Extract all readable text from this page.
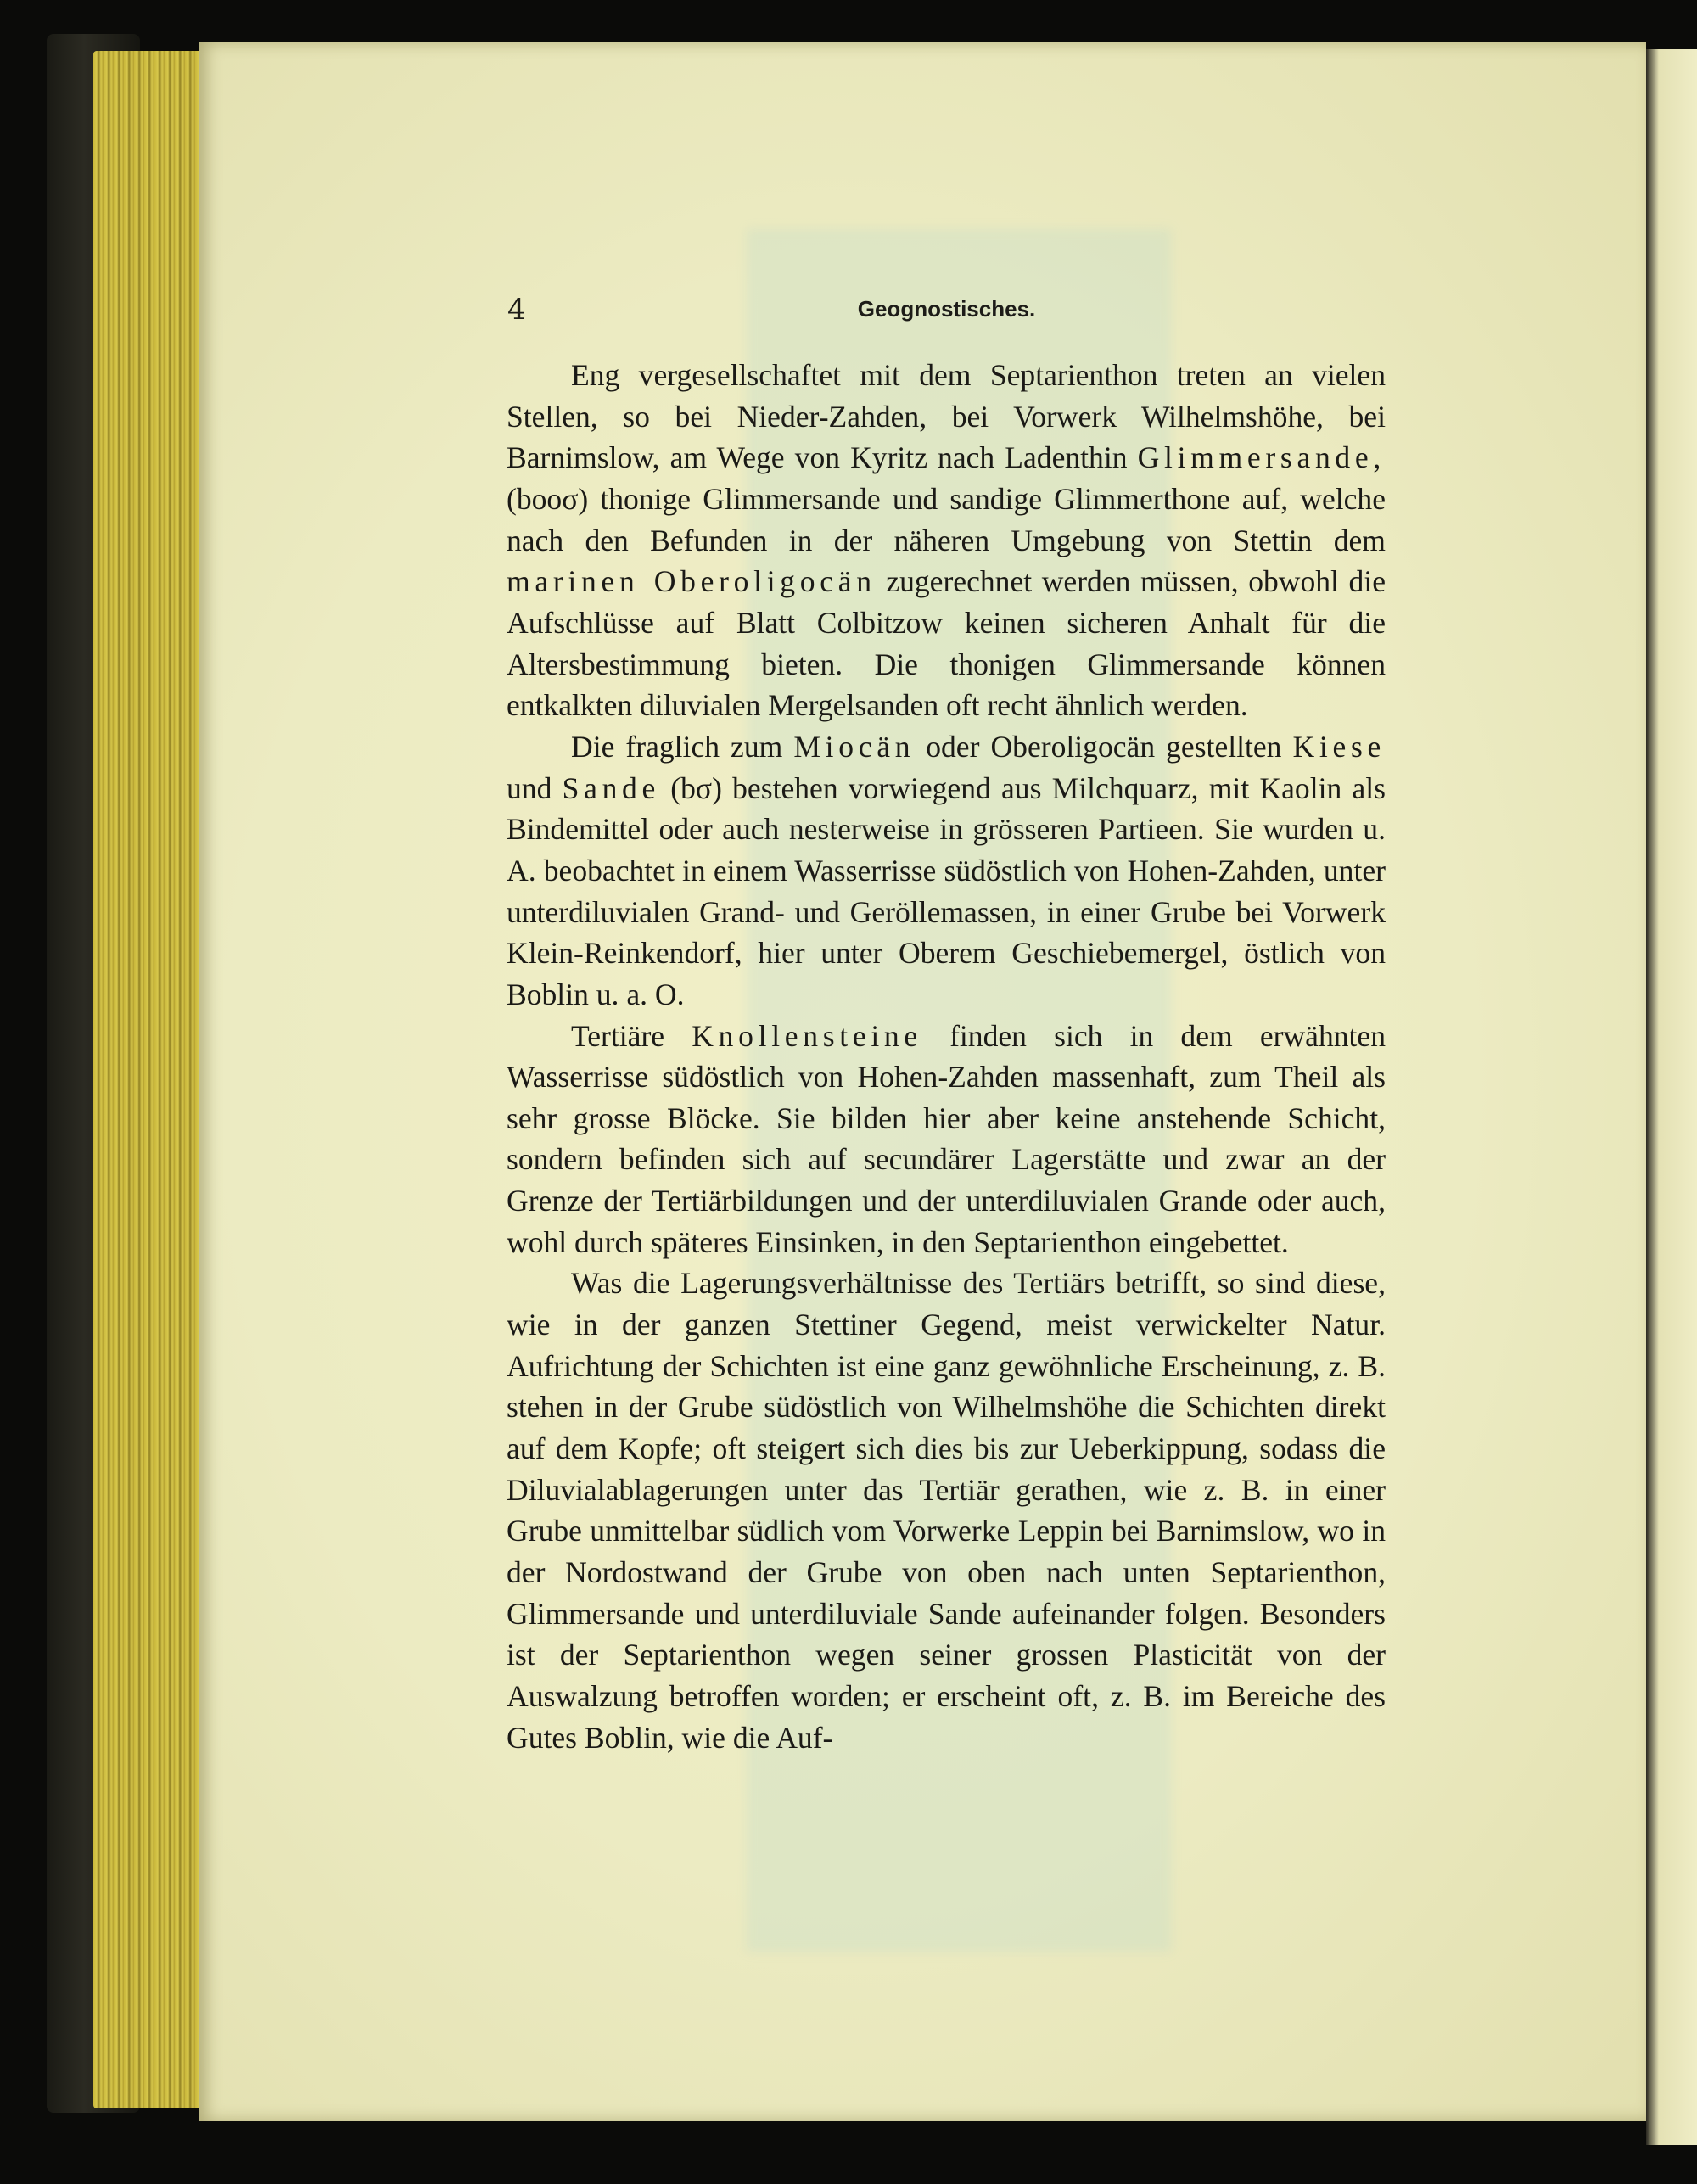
4	Geognostisches.

Eng vergesellschaftet mit dem Septarienthon treten an vielen Stellen, so bei Nieder-Zahden, bei Vorwerk Wilhelmshöhe, bei Barnimslow, am Wege von Kyritz nach Ladenthin Glimmersande, (booσ) thonige Glimmersande und sandige Glimmerthone auf, welche nach den Befunden in der näheren Umgebung von Stettin dem marinen Oberoligocän zugerechnet werden müssen, obwohl die Aufschlüsse auf Blatt Colbitzow keinen sicheren Anhalt für die Altersbestimmung bieten. Die thonigen Glimmersande können entkalkten diluvialen Mergelsanden oft recht ähnlich werden.

Die fraglich zum Miocän oder Oberoligocän gestellten Kiese und Sande (bσ) bestehen vorwiegend aus Milchquarz, mit Kaolin als Bindemittel oder auch nesterweise in grösseren Partieen. Sie wurden u. A. beobachtet in einem Wasserrisse südöstlich von Hohen-Zahden, unter unterdiluvialen Grand- und Geröllemassen, in einer Grube bei Vorwerk Klein-Reinkendorf, hier unter Oberem Geschiebemergel, östlich von Boblin u. a. O.

Tertiäre Knollensteine finden sich in dem erwähnten Wasserrisse südöstlich von Hohen-Zahden massenhaft, zum Theil als sehr grosse Blöcke. Sie bilden hier aber keine anstehende Schicht, sondern befinden sich auf secundärer Lagerstätte und zwar an der Grenze der Tertiärbildungen und der unterdiluvialen Grande oder auch, wohl durch späteres Einsinken, in den Septarienthon eingebettet.

Was die Lagerungsverhältnisse des Tertiärs betrifft, so sind diese, wie in der ganzen Stettiner Gegend, meist verwickelter Natur. Aufrichtung der Schichten ist eine ganz gewöhnliche Erscheinung, z. B. stehen in der Grube südöstlich von Wilhelmshöhe die Schichten direkt auf dem Kopfe; oft steigert sich dies bis zur Ueberkippung, sodass die Diluvialablagerungen unter das Tertiär gerathen, wie z. B. in einer Grube unmittelbar südlich vom Vorwerke Leppin bei Barnimslow, wo in der Nordostwand der Grube von oben nach unten Septarienthon, Glimmersande und unterdiluviale Sande aufeinander folgen. Besonders ist der Septarienthon wegen seiner grossen Plasticität von der Auswalzung betroffen worden; er erscheint oft, z. B. im Bereiche des Gutes Boblin, wie die Auf-
